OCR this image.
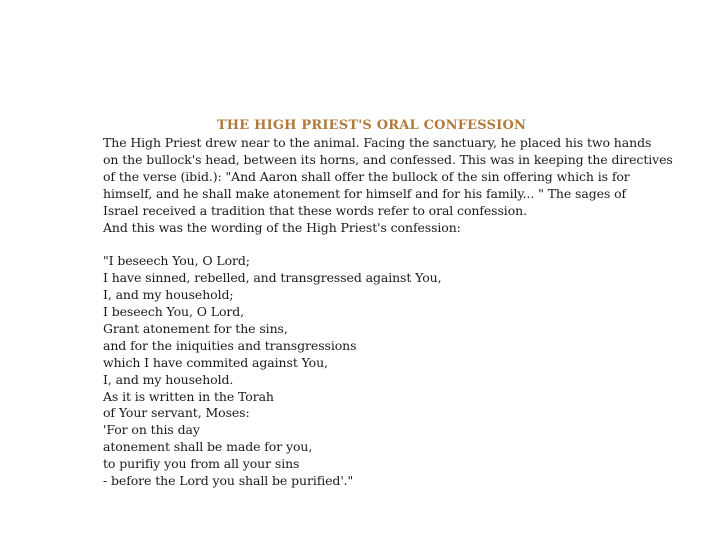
THE HIGH PRIEST'S ORAL CONFESSION
The High Priest drew near to the animal. Facing the sanctuary, he placed his two hands
on the bullock's head, between its horns, and confessed. This was in keeping the directives
of the verse (ibid.): "And Aaron shall offer the bullock of the sin offering which is for
himself, and he shall make atonement for himself and for his family... " The sages of
Israel received a tradition that these words refer to oral confession.
And this was the wording of the High Priest's confession:
"I beseech You, O Lord;
I have sinned, rebelled, and transgressed against You,
I, and my household;
I beseech You, O Lord,
Grant atonement for the sins,
and for the iniquities and transgressions
which I have commited against You,
I, and my household.
As it is written in the Torah
of Your servant, Moses:
'For on this day
atonement shall be made for you,
to purifiy you from all your sins
- before the Lord you shall be purified'."
